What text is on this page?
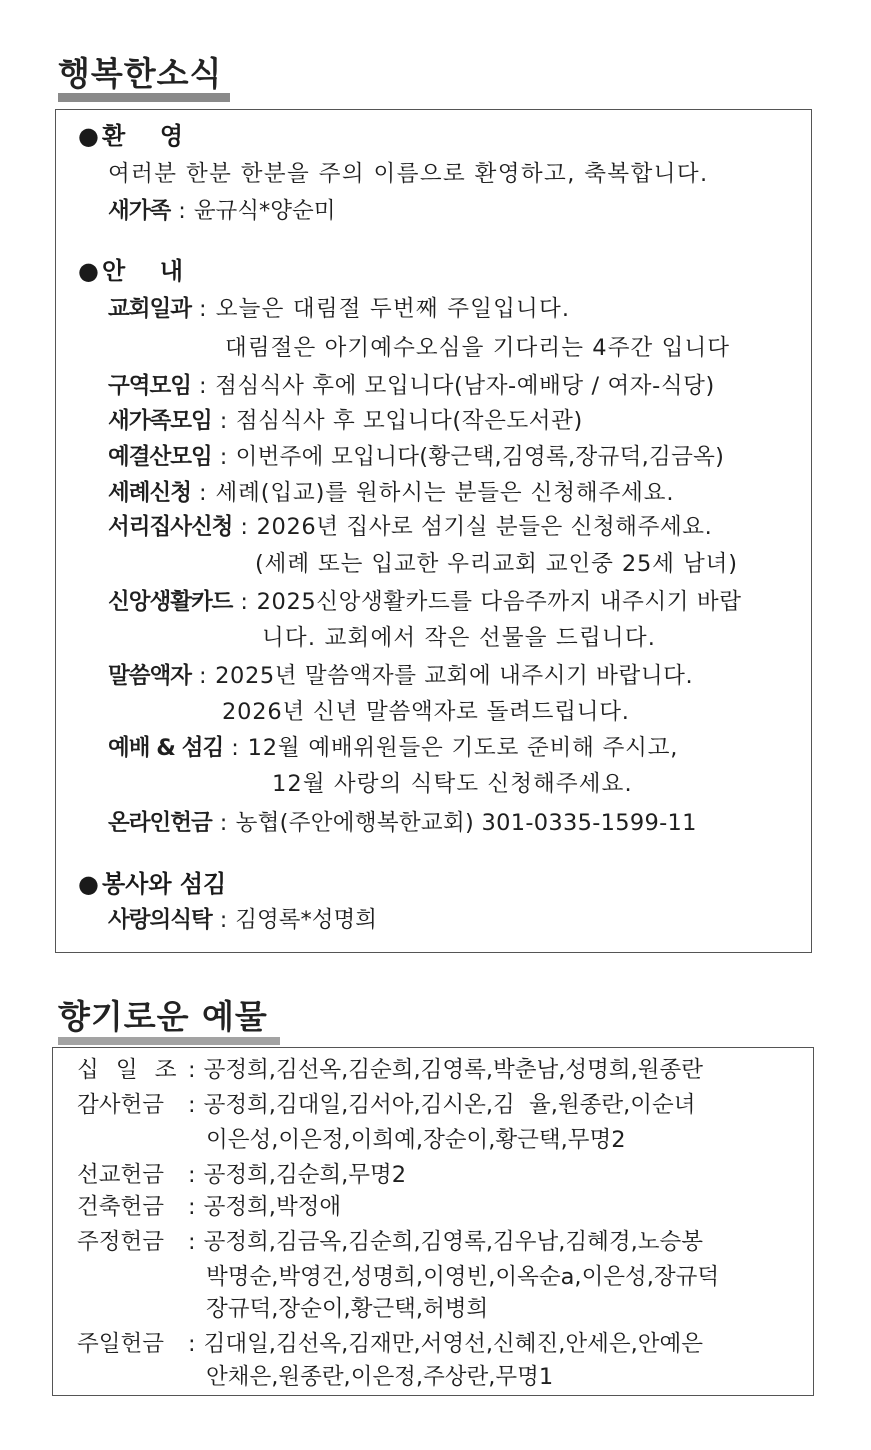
행복한소식
● 환  영
여러분 한분 한분을 주의 이름으로 환영하고, 축복합니다.
새가족 : 윤규식*양순미
● 안  내
교회일과 : 오늘은 대림절 두번째 주일입니다.
대림절은 아기예수오심을 기다리는 4주간 입니다
구역모임 : 점심식사 후에 모입니다(남자-예배당 / 여자-식당)
새가족모임 : 점심식사 후 모입니다(작은도서관)
예결산모임 : 이번주에 모입니다(황근택,김영록,장규덕,김금옥)
세례신청 : 세례(입교)를 원하시는 분들은 신청해주세요.
서리집사신청 : 2026년 집사로 섬기실 분들은 신청해주세요.
(세례 또는 입교한 우리교회 교인중 25세 남녀)
신앙생활카드 : 2025신앙생활카드를 다음주까지 내주시기 바랍
니다. 교회에서 작은 선물을 드립니다.
말씀액자 : 2025년 말씀액자를 교회에 내주시기 바랍니다.
2026년 신년 말씀액자로 돌려드립니다.
예배 & 섬김 : 12월 예배위원들은 기도로 준비해 주시고,
12월 사랑의 식탁도 신청해주세요.
온라인헌금 : 농협(주안에행복한교회) 301-0335-1599-11
● 봉사와 섬김
사랑의식탁 : 김영록*성명희
향기로운 예물
십 일 조 : 공정희,김선옥,김순희,김영록,박춘남,성명희,원종란
감사헌금 : 공정희,김대일,김서아,김시온,김  율,원종란,이순녀
이은성,이은정,이희예,장순이,황근택,무명2
선교헌금 : 공정희,김순희,무명2
건축헌금 : 공정희,박정애
주정헌금 : 공정희,김금옥,김순희,김영록,김우남,김혜경,노승봉
박명순,박영건,성명희,이영빈,이옥순a,이은성,장규덕
장규덕,장순이,황근택,허병희
주일헌금 : 김대일,김선옥,김재만,서영선,신혜진,안세은,안예은
안채은,원종란,이은정,주상란,무명1
